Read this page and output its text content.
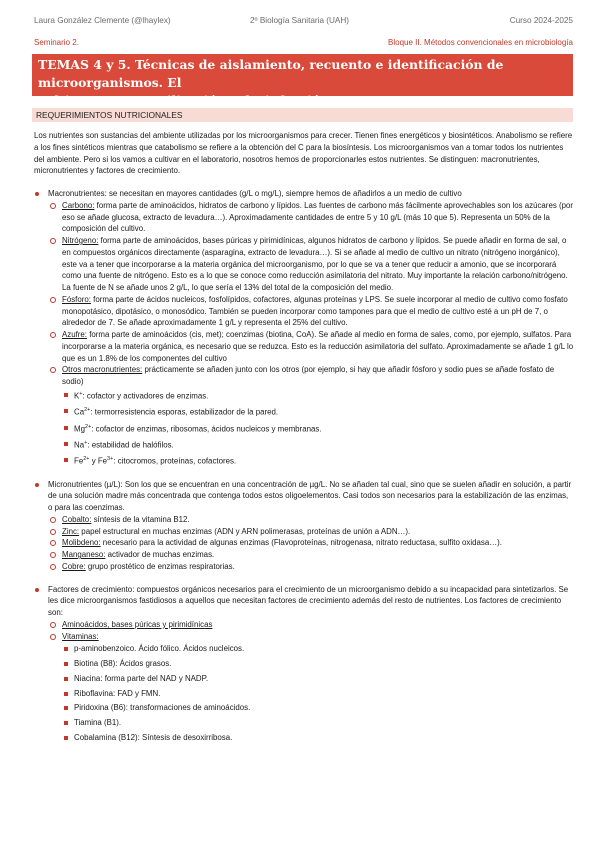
Laura González Clemente (@lhaylex)	2º Biología Sanitaria (UAH)	Curso 2024-2025
Seminario 2.	Bloque II. Métodos convencionales en microbiología
TEMAS 4 y 5. Técnicas de aislamiento, recuento e identificación de microorganismos. El
cultivo puro. Esterilización y desinfección.
REQUERIMIENTOS NUTRICIONALES

Los nutrientes son sustancias del ambiente utilizadas por los microorganismos para crecer. Tienen fines energéticos y biosintéticos. Anabolismo se refiere a los fines sintéticos mientras que catabolismo se refiere a la obtención del C para la biosíntesis. Los microorganismos van a tomar todos los nutrientes del ambiente. Pero si los vamos a cultivar en el laboratorio, nosotros hemos de proporcionarles estos nutrientes. Se distinguen: macronutrientes, micronutrientes y factores de crecimiento.

Macronutrientes: se necesitan en mayores cantidades (g/L o mg/L), siempre hemos de añadirlos a un medio de cultivo
Carbono: forma parte de aminoácidos, hidratos de carbono y lípidos. Las fuentes de carbono más fácilmente aprovechables son los azúcares (por eso se añade glucosa, extracto de levadura…). Aproximadamente cantidades de entre 5 y 10 g/L (más 10 que 5). Representa un 50% de la composición del cultivo.
Nitrógeno: forma parte de aminoácidos, bases púricas y pirimidínicas, algunos hidratos de carbono y lípidos. Se puede añadir en forma de sal, o en compuestos orgánicos directamente (asparagina, extracto de levadura…). Si se añade al medio de cultivo un nitrato (nitrógeno inorgánico), este va a tener que incorporarse a la materia orgánica del microorganismo, por lo que se va a tener que reducir a amonio, que se incorporará como una fuente de nitrógeno. Esto es a lo que se conoce como reducción asimilatoria del nitrato. Muy importante la relación carbono/nitrógeno. La fuente de N se añade unos 2 g/L, lo que sería el 13% del total de la composición del medio.
Fósforo: forma parte de ácidos nucleicos, fosfolípidos, cofactores, algunas proteínas y LPS. Se suele incorporar al medio de cultivo como fosfato monopotásico, dipotásico, o monosódico. También se pueden incorporar como tampones para que el medio de cultivo esté a un pH de 7, o alrededor de 7. Se añade aproximadamente 1 g/L y representa el 25% del cultivo.
Azufre: forma parte de aminoácidos (cis, met); coenzimas (biotina, CoA). Se añade al medio en forma de sales, como, por ejemplo, sulfatos. Para incorporarse a la materia orgánica, es necesario que se reduzca. Esto es la reducción asimilatoria del sulfato. Aproximadamente se añade 1 g/L lo que es un 1.8% de los componentes del cultivo
Otros macronutrientes: prácticamente se añaden junto con los otros (por ejemplo, si hay que añadir fósforo y sodio pues se añade fosfato de sodio)
K+: cofactor y activadores de enzimas.
$Ca^{2+}$: termorresistencia esporas, estabilizador de la pared.
$Mg^{2+}$: cofactor de enzimas, ribosomas, ácidos nucleicos y membranas.
Na+: estabilidad de halófilos.
$Fe^{2+}$ y $Fe^{3+}$: citocromos, proteínas, cofactores.
Micronutrientes (µ/L): Son los que se encuentran en una concentración de µg/L. No se añaden tal cual, sino que se suelen añadir en solución, a partir de una solución madre más concentrada que contenga todos estos oligoelementos. Casi todos son necesarios para la estabilización de las enzimas, o para las coenzimas.
Cobalto: síntesis de la vitamina B12.
Zinc: papel estructural en muchas enzimas (ADN y ARN polimerasas, proteínas de unión a ADN…).
Molibdeno: necesario para la actividad de algunas enzimas (Flavoproteínas, nitrogenasa, nitrato reductasa, sulfito oxidasa…).
Manganeso: activador de muchas enzimas.
Cobre: grupo prostético de enzimas respiratorias.
Factores de crecimiento: compuestos orgánicos necesarios para el crecimiento de un microorganismo debido a su incapacidad para sintetizarlos. Se les dice microorganismos fastidiosos a aquellos que necesitan factores de crecimiento además del resto de nutrientes. Los factores de crecimiento son:
Aminoácidos, bases púricas y pirimidínicas
Vitaminas:
p-aminobenzoico. Ácido fólico. Ácidos nucleicos.
Biotina (B8): Ácidos grasos.
Niacina: forma parte del NAD y NADP.
Riboflavina: FAD y FMN.
Piridoxina (B6): transformaciones de aminoácidos.
Tiamina (B1).
Cobalamina (B12): Síntesis de desoxirribosa.
